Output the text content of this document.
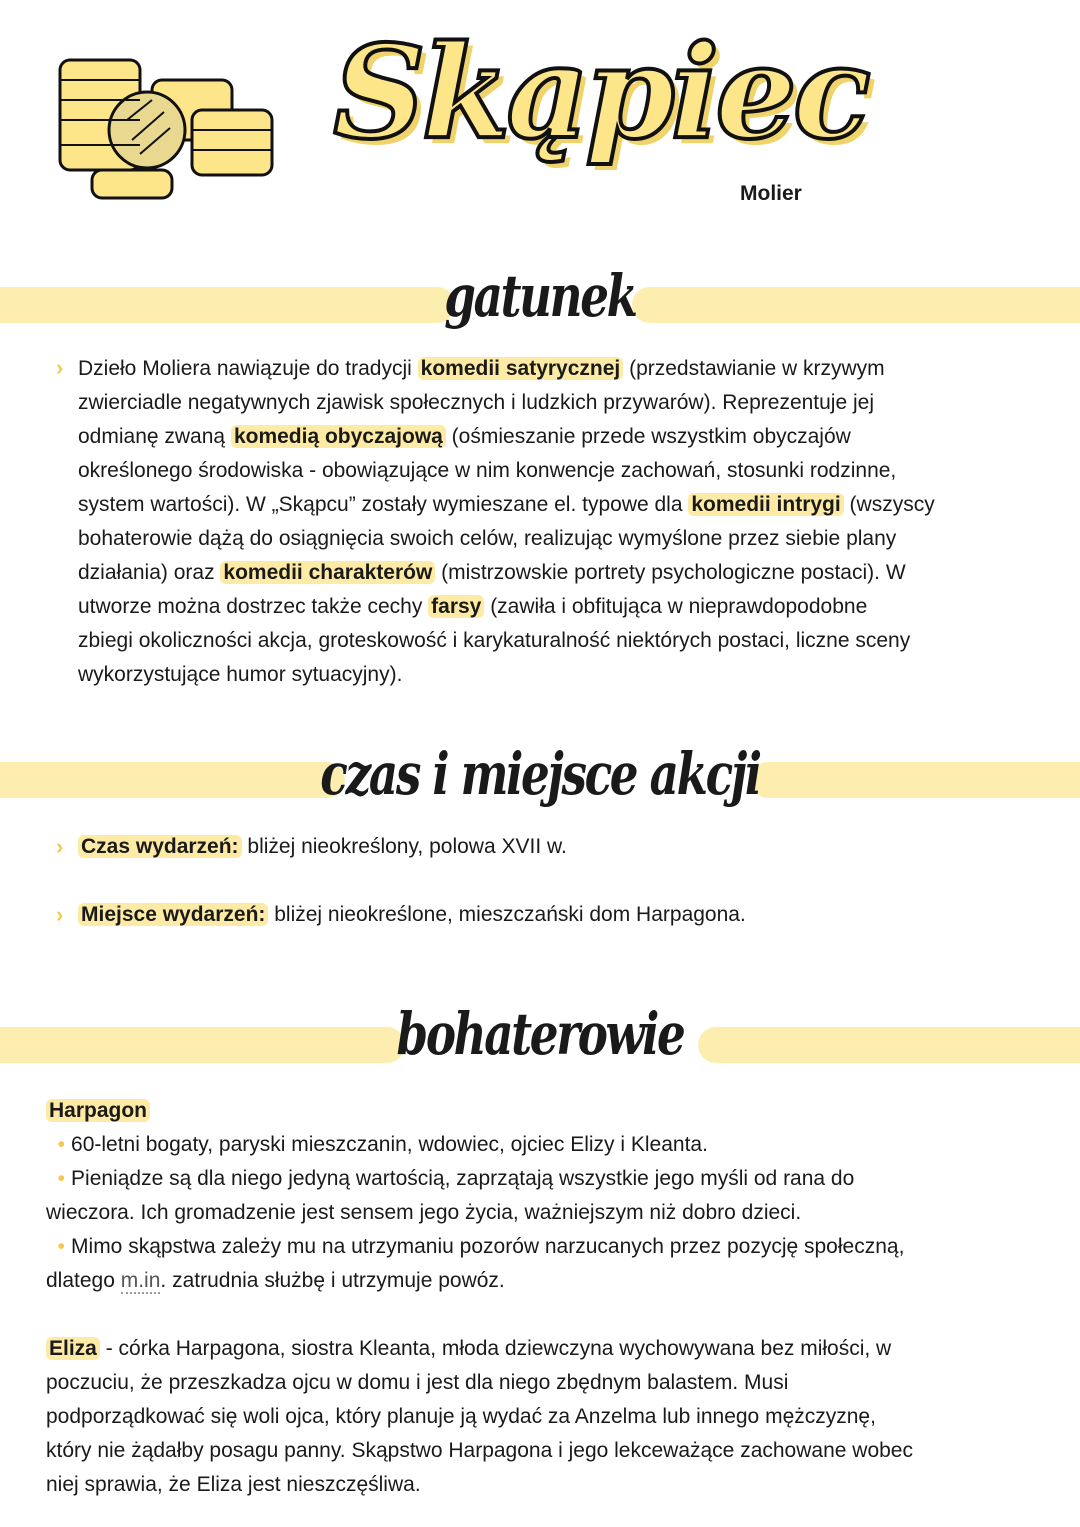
Skąpiec
Molier
gatunek
› Dzieło Moliera nawiązuje do tradycji komedii satyrycznej (przedstawianie w krzywym
zwierciadle negatywnych zjawisk społecznych i ludzkich przywarów). Reprezentuje jej
odmianę zwaną komedią obyczajową (ośmieszanie przede wszystkim obyczajów
określonego środowiska - obowiązujące w nim konwencje zachowań, stosunki rodzinne,
system wartości). W „Skąpcu” zostały wymieszane el. typowe dla komedii intrygi (wszyscy
bohaterowie dążą do osiągnięcia swoich celów, realizując wymyślone przez siebie plany
działania) oraz komedii charakterów (mistrzowskie portrety psychologiczne postaci). W
utworze można dostrzec także cechy farsy (zawiła i obfitująca w nieprawdopodobne
zbiegi okoliczności akcja, groteskowość i karykaturalność niektórych postaci, liczne sceny
wykorzystujące humor sytuacyjny).
czas i miejsce akcji
› Czas wydarzeń: bliżej nieokreślony, polowa XVII w.
› Miejsce wydarzeń: bliżej nieokreślone, mieszczański dom Harpagona.
bohaterowie
Harpagon
• 60-letni bogaty, paryski mieszczanin, wdowiec, ojciec Elizy i Kleanta.
• Pieniądze są dla niego jedyną wartością, zaprzątają wszystkie jego myśli od rana do
wieczora. Ich gromadzenie jest sensem jego życia, ważniejszym niż dobro dzieci.
• Mimo skąpstwa zależy mu na utrzymaniu pozorów narzucanych przez pozycję społeczną,
dlatego m.in. zatrudnia służbę i utrzymuje powóz.
Eliza - córka Harpagona, siostra Kleanta, młoda dziewczyna wychowywana bez miłości, w
poczuciu, że przeszkadza ojcu w domu i jest dla niego zbędnym balastem. Musi
podporządkować się woli ojca, który planuje ją wydać za Anzelma lub innego mężczyznę,
który nie żądałby posagu panny. Skąpstwo Harpagona i jego lekceważące zachowane wobec
niej sprawia, że Eliza jest nieszczęśliwa.
